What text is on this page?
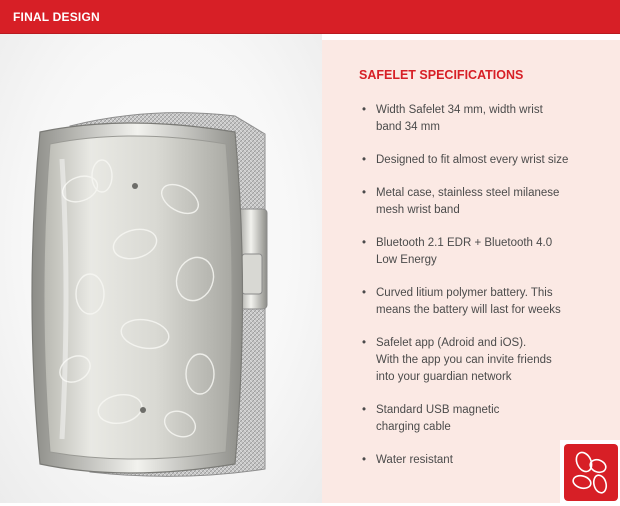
FINAL DESIGN
SAFELET SPECIFICATIONS
• Width Safelet 34 mm, width wrist
band 34 mm
• Designed to fit almost every wrist size
• Metal case, stainless steel milanese
mesh wrist band
• Bluetooth 2.1 EDR + Bluetooth 4.0
Low Energy
• Curved litium polymer battery. This
means the battery will last for weeks
• Safelet app (Adroid and iOS).
With the app you can invite friends
into your guardian network
• Standard USB magnetic
charging cable
• Water resistant
